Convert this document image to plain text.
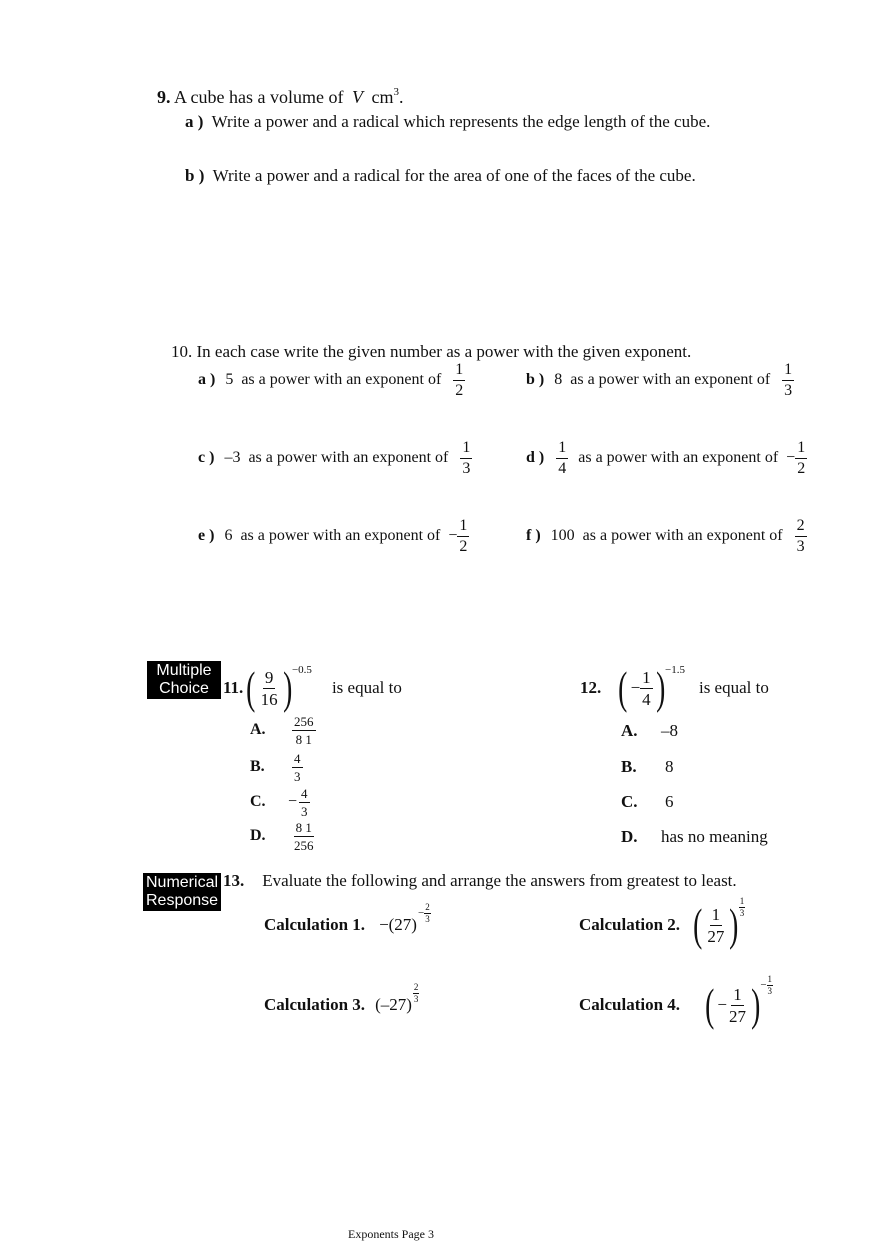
9. A cube has a volume of V $cm^3$.
a ) Write a power and a radical which represents the edge length of the cube.
b ) Write a power and a radical for the area of one of the faces of the cube.
10. In each case write the given number as a power with the given exponent.
a ) 5 as a power with an exponent of $\frac{1}{2}$	b ) 8 as a power with an exponent of $\frac{1}{3}$
c ) –3 as a power with an exponent of $\frac{1}{3}$	d ) $\frac{1}{4}$ as a power with an exponent of − $\frac{1}{2}$
e ) 6 as a power with an exponent of − $\frac{1}{2}$	f ) 100 as a power with an exponent of $\frac{2}{3}$
Multiple
Choice 11. ( $\frac{9}{16}$ ) −0.5
is equal to
A.	$\frac{256}{8 1}$
B.	$\frac{4}{3}$
C.	− $\frac{4}{3}$
D.	$\frac{8 1}{256}$
12. ( − $\frac{1}{4}$ ) −1.5
is equal to
A. –8
B. 8
C. 6
D. has no meaning
Numerical
Response
13. Evaluate the following and arrange the answers from greatest to least.
Calculation 1. −(27)
− $\frac{2}{3}$
Calculation 2. ( $\frac{1}{27}$ ) $\frac{1}{3}$
Calculation 3. (–27)
$\frac{2}{3}$
Calculation 4. ( − $\frac{1}{27}$ ) − $\frac{1}{3}$
Exponents Page 3
